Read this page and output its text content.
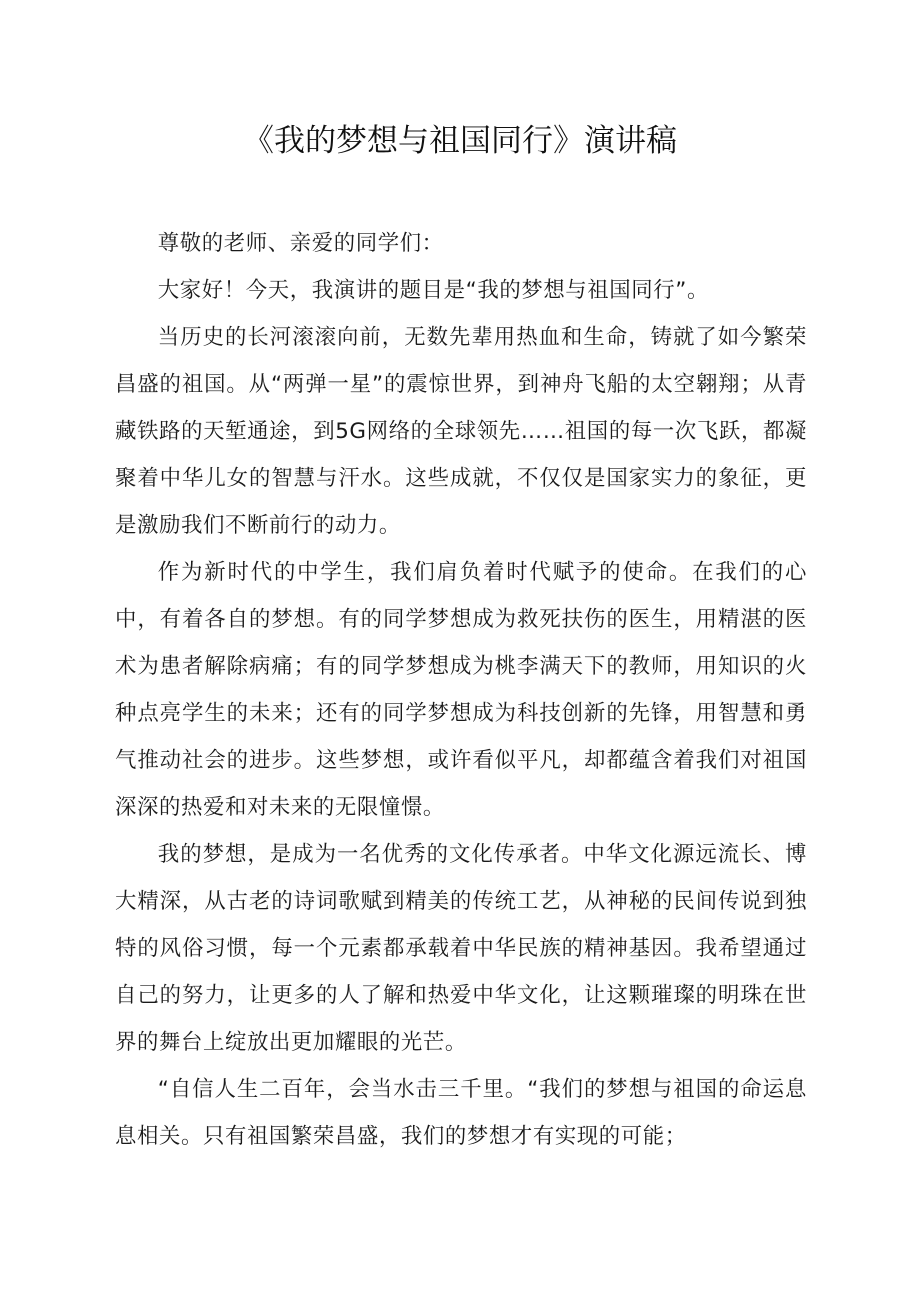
《我的梦想与祖国同行》演讲稿

尊敬的老师、亲爱的同学们：

大家好！今天，我演讲的题目是“我的梦想与祖国同行”。

当历史的长河滚滚向前，无数先辈用热血和生命，铸就了如今繁荣昌盛的祖国。从“两弹一星”的震惊世界，到神舟飞船的太空翱翔；从青藏铁路的天堑通途，到5G网络的全球领先……祖国的每一次飞跃，都凝聚着中华儿女的智慧与汗水。这些成就，不仅仅是国家实力的象征，更是激励我们不断前行的动力。

作为新时代的中学生，我们肩负着时代赋予的使命。在我们的心中，有着各自的梦想。有的同学梦想成为救死扶伤的医生，用精湛的医术为患者解除病痛；有的同学梦想成为桃李满天下的教师，用知识的火种点亮学生的未来；还有的同学梦想成为科技创新的先锋，用智慧和勇气推动社会的进步。这些梦想，或许看似平凡，却都蕴含着我们对祖国深深的热爱和对未来的无限憧憬。

我的梦想，是成为一名优秀的文化传承者。中华文化源远流长、博大精深，从古老的诗词歌赋到精美的传统工艺，从神秘的民间传说到独特的风俗习惯，每一个元素都承载着中华民族的精神基因。我希望通过自己的努力，让更多的人了解和热爱中华文化，让这颗璀璨的明珠在世界的舞台上绽放出更加耀眼的光芒。

“自信人生二百年，会当水击三千里。“我们的梦想与祖国的命运息息相关。只有祖国繁荣昌盛，我们的梦想才有实现的可能；
